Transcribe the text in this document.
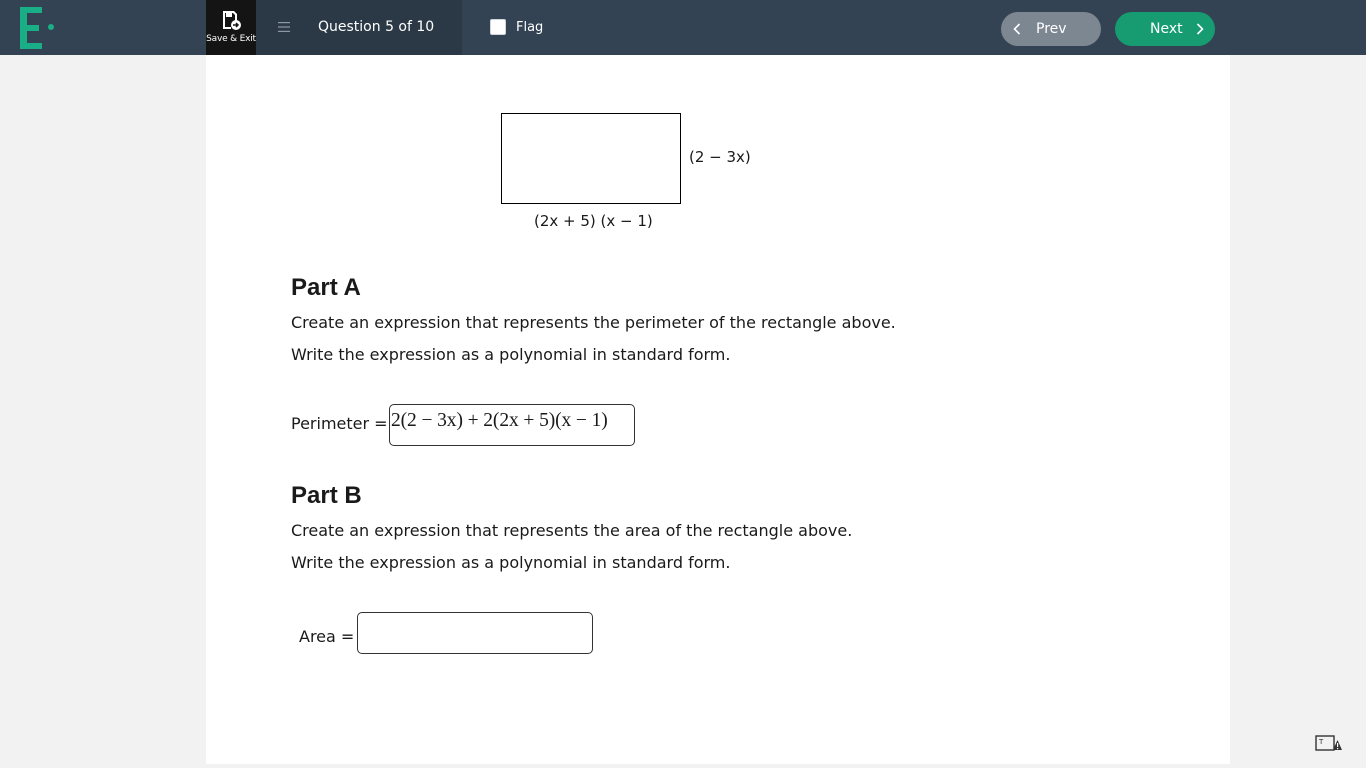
Save & Exit
Question 5 of 10	Flag	Prev	Next
(2 − 3x)
(2x + 5) (x − 1)
Part A

Create an expression that represents the perimeter of the rectangle above.

Write the expression as a polynomial in standard form.

Perimeter = 2(2 − 3x) + 2(2x + 5)(x − 1)
Part B

Create an expression that represents the area of the rectangle above.

Write the expression as a polynomial in standard form.

Area =
T
